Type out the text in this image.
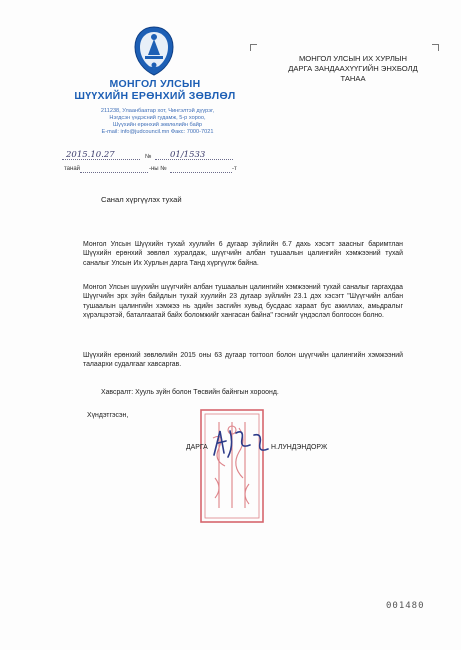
МОНГОЛ УЛСЫН
ШҮҮХИЙН ЕРӨНХИЙ ЗӨВЛӨЛ
211238, Улаанбаатар хот, Чингэлтэй дүүрэг,
Нэгдсэн үндэсний гудамж, 5-р хороо,
Шүүхийн ерөнхий зөвлөлийн байр
E-mail: info@judcouncil.mn Факс: 7000-7021
2015.10.27	№ 01/1533
танай	-ны №	-т
МОНГОЛ УЛСЫН ИХ ХУРЛЫН
ДАРГА ЗАНДААХҮҮГИЙН ЭНХБОЛД
ТАНАА
Санал хүргүүлэх тухай

Монгол Улсын Шүүхийн тухай хуулийн 6 дугаар зүйлийн 6.7 дахь хэсэгт заасныг баримтлан Шүүхийн ерөнхий зөвлөл хуралдаж, шүүгчийн албан тушаалын цалингийн хэмжээний тухай саналыг Улсын Их Хурлын дарга Танд хүргүүлж байна.

Монгол Улсын шүүхийн шүүгчийн албан тушаалын цалингийн хэмжээний тухай саналыг гаргахдаа Шүүгчийн эрх зүйн байдлын тухай хуулийн 23 дугаар зүйлийн 23.1 дэх хэсэгт "Шүүгчийн албан тушаалын цалингийн хэмжээ нь эдийн засгийн хувьд бусдаас хараат бус ажиллах, амьдралыг хүрэлцээтэй, баталгаатай байх боломжийг хангасан байна" гэснийг үндэслэл болгосон болно.

Шүүхийн ерөнхий зөвлөлийн 2015 оны 63 дугаар тогтоол болон шүүгчийн цалингийн хэмжээний талаархи судалгааг хавсаргав.

Хавсралт: Хууль зүйн болон Төсвийн байнгын хороонд.
Хүндэтгэсэн,
ДАРГА	Н.ЛУНДЭНДОРЖ
001480
